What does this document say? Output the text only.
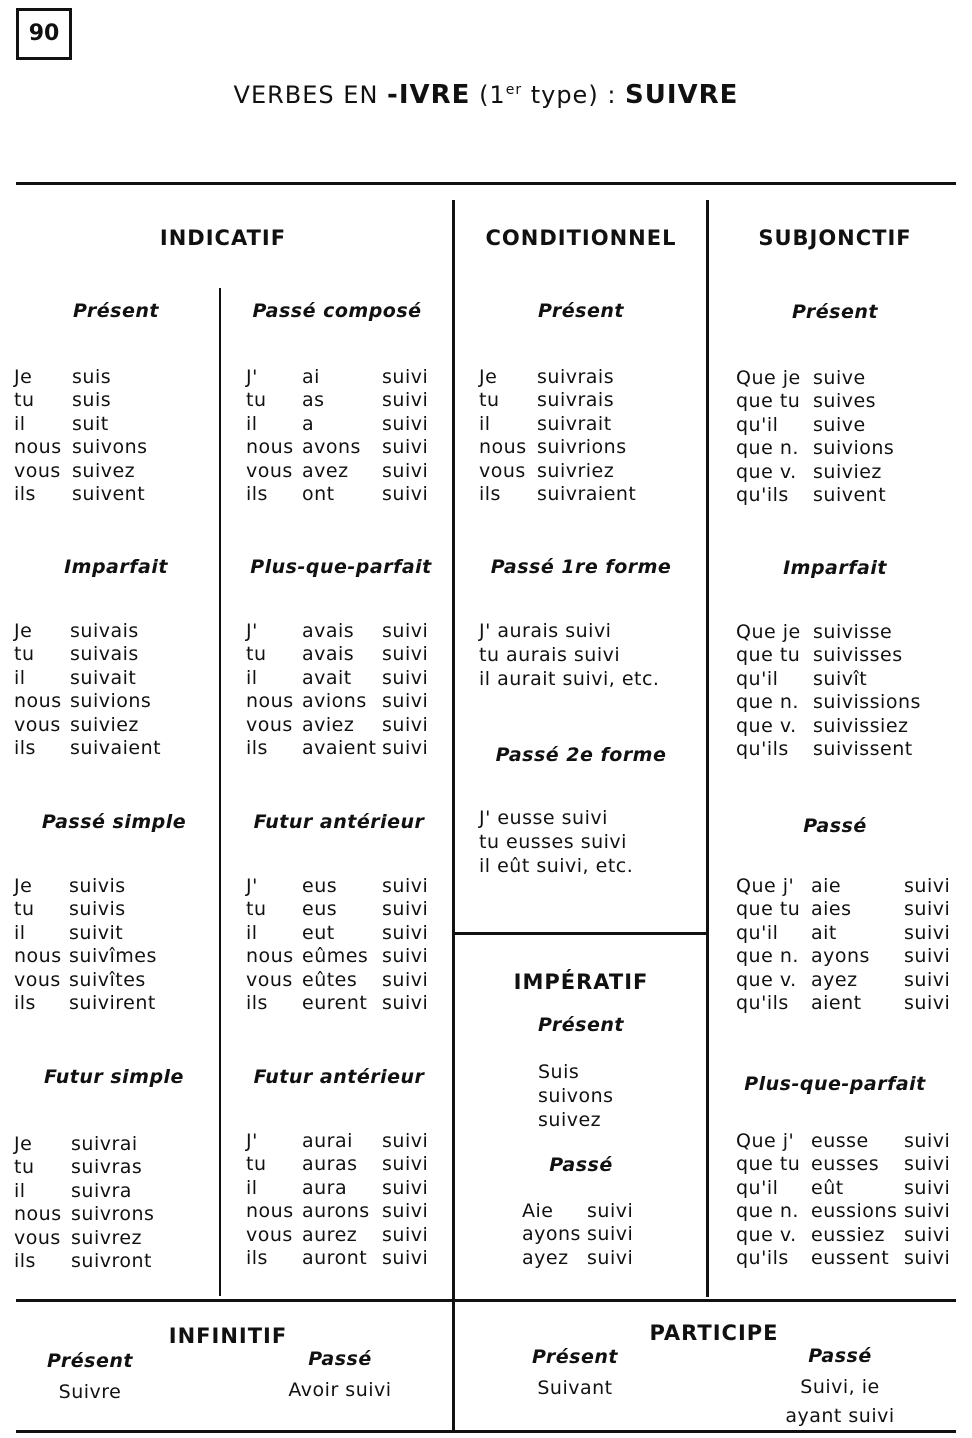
90
VERBES EN -IVRE (1er type) : SUIVRE
INDICATIF
Présent
Je suis
tu suis
il suit
nous suivons
vous suivez
ils suivent
Passé composé
J' ai	suivi
tu as	suivi
il a	suivi
nous avons suivi
vous avez suivi
ils ont suivi
Imparfait
Je suivais
tu suivais
il suivait
nous suivions
vous suiviez
ils suivaient
Plus-que-parfait
J' avais suivi
tu avais suivi
il avait suivi
nous avions suivi
vous aviez suivi
ils avaient suivi
Passé simple
Je suivis
tu suivis
il suivit
nous suivîmes
vous suivîtes
ils suivirent
Futur antérieur
J' eus suivi
tu eus suivi
il eut suivi
nous eûmes suivi
vous eûtes suivi
ils eurent suivi
Futur simple
Je suivrai
tu suivras
il suivra
nous suivrons
vous suivrez
ils suivront
Futur antérieur
J' aurai suivi
tu auras suivi
il aura suivi
nous aurons suivi
vous aurez suivi
ils auront suivi
CONDITIONNEL
Présent
Je suivrais
tu suivrais
il suivrait
nous suivrions
vous suivriez
ils suivraient
Passé 1re forme
J' aurais suivi
tu aurais suivi
il aurait suivi, etc.
Passé 2e forme
J' eusse suivi
tu eusses suivi
il eût suivi, etc.
IMPÉRATIF
Présent
Suis
suivons
suivez
Passé
Aie suivi
ayons suivi
ayez suivi
SUBJONCTIF
Présent
Que je suive
que tu suives
qu'il suive
que n. suivions
que v. suiviez
qu'ils suivent
Imparfait
Que je suivisse
que tu suivisses
qu'il suivît
que n. suivissions
que v. suivissiez
qu'ils suivissent
Passé
Que j' aie	suivi
que tu aies	suivi
qu'il ait	suivi
que n. ayons suivi
que v. ayez suivi
qu'ils aient suivi
Plus-que-parfait
Que j' eusse suivi
que tu eusses suivi
qu'il eût	suivi
que n. eussions suivi
que v. eussiez suivi
qu'ils eussent suivi
INFINITIF
Présent
Suivre
Passé
Avoir suivi
PARTICIPE
Présent
Suivant
Passé
Suivi, ie
ayant suivi
